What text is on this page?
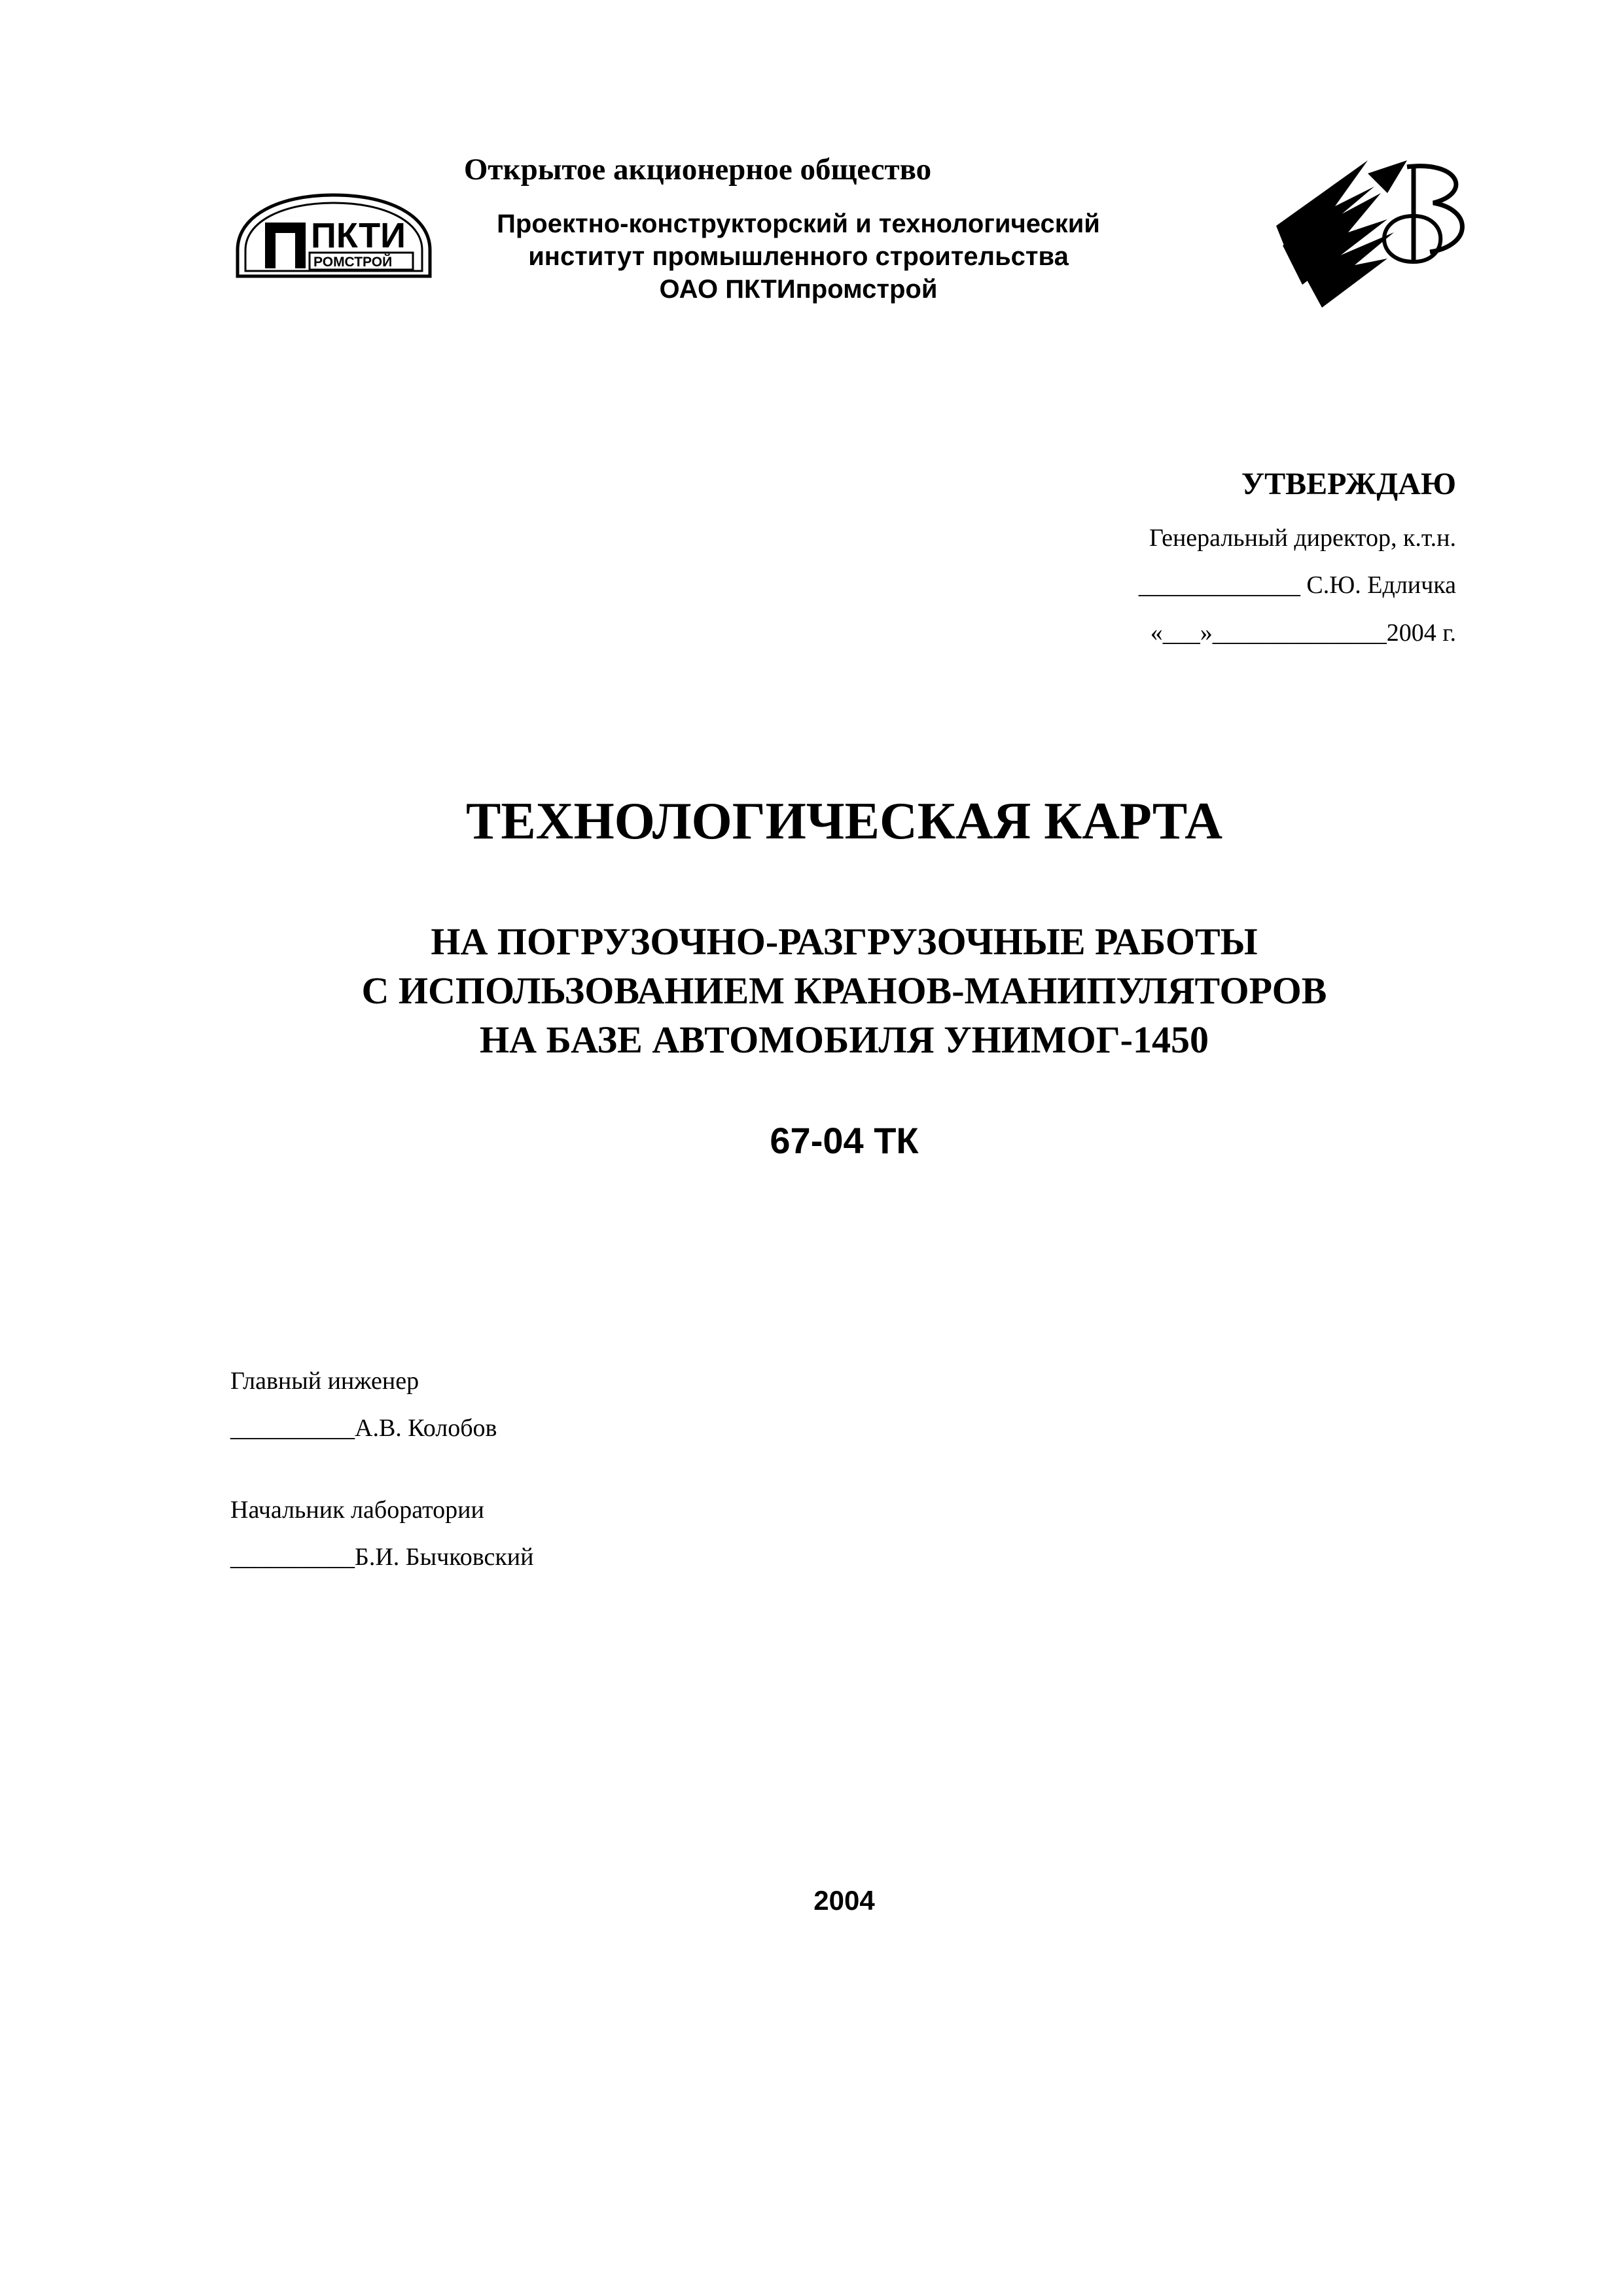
ПКТИ
РОМСТРОЙ
Открытое акционерное общество
Проектно-конструкторский и технологический
институт промышленного строительства
ОАО ПКТИпромстрой
УТВЕРЖДАЮ
Генеральный директор, к.т.н.
_____________ С.Ю. Едличка
«___»______________2004 г.
ТЕХНОЛОГИЧЕСКАЯ КАРТА
НА ПОГРУЗОЧНО-РАЗГРУЗОЧНЫЕ РАБОТЫ
С ИСПОЛЬЗОВАНИЕМ КРАНОВ-МАНИПУЛЯТОРОВ
НА БАЗЕ АВТОМОБИЛЯ УНИМОГ-1450
67-04 ТК
Главный инженер
__________А.В. Колобов
Начальник лаборатории
__________Б.И. Бычковский
2004
